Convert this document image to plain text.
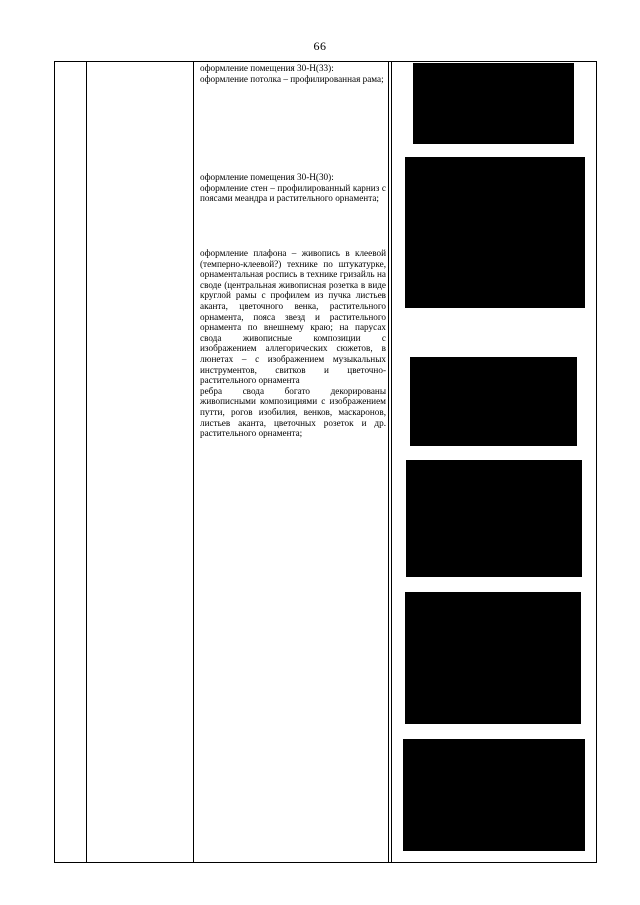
66

оформление помещения 30-Н(33):

оформление потолка – профилированная рама;

оформление помещения 30-Н(30):

оформление стен – профилированный карниз с поясами меандра и растительного орнамента;

оформление плафона – живопись в клеевой (темперно-клеевой?) технике по штукатурке, орнаментальная роспись в технике гризайль на своде (центральная живописная розетка в виде круглой рамы с профилем из пучка листьев аканта, цветочного венка, растительного орнамента, пояса звезд и растительного орнамента по внешнему краю; на парусах свода живописные композиции с изображением аллегорических сюжетов, в люнетах – с изображением музыкальных инструментов, свитков и цветочно-растительного орнамента

ребра свода богато декорированы живописными композициями с изображением путти, рогов изобилия, венков, маскаронов, листьев аканта, цветочных розеток и др. растительного орнамента;
